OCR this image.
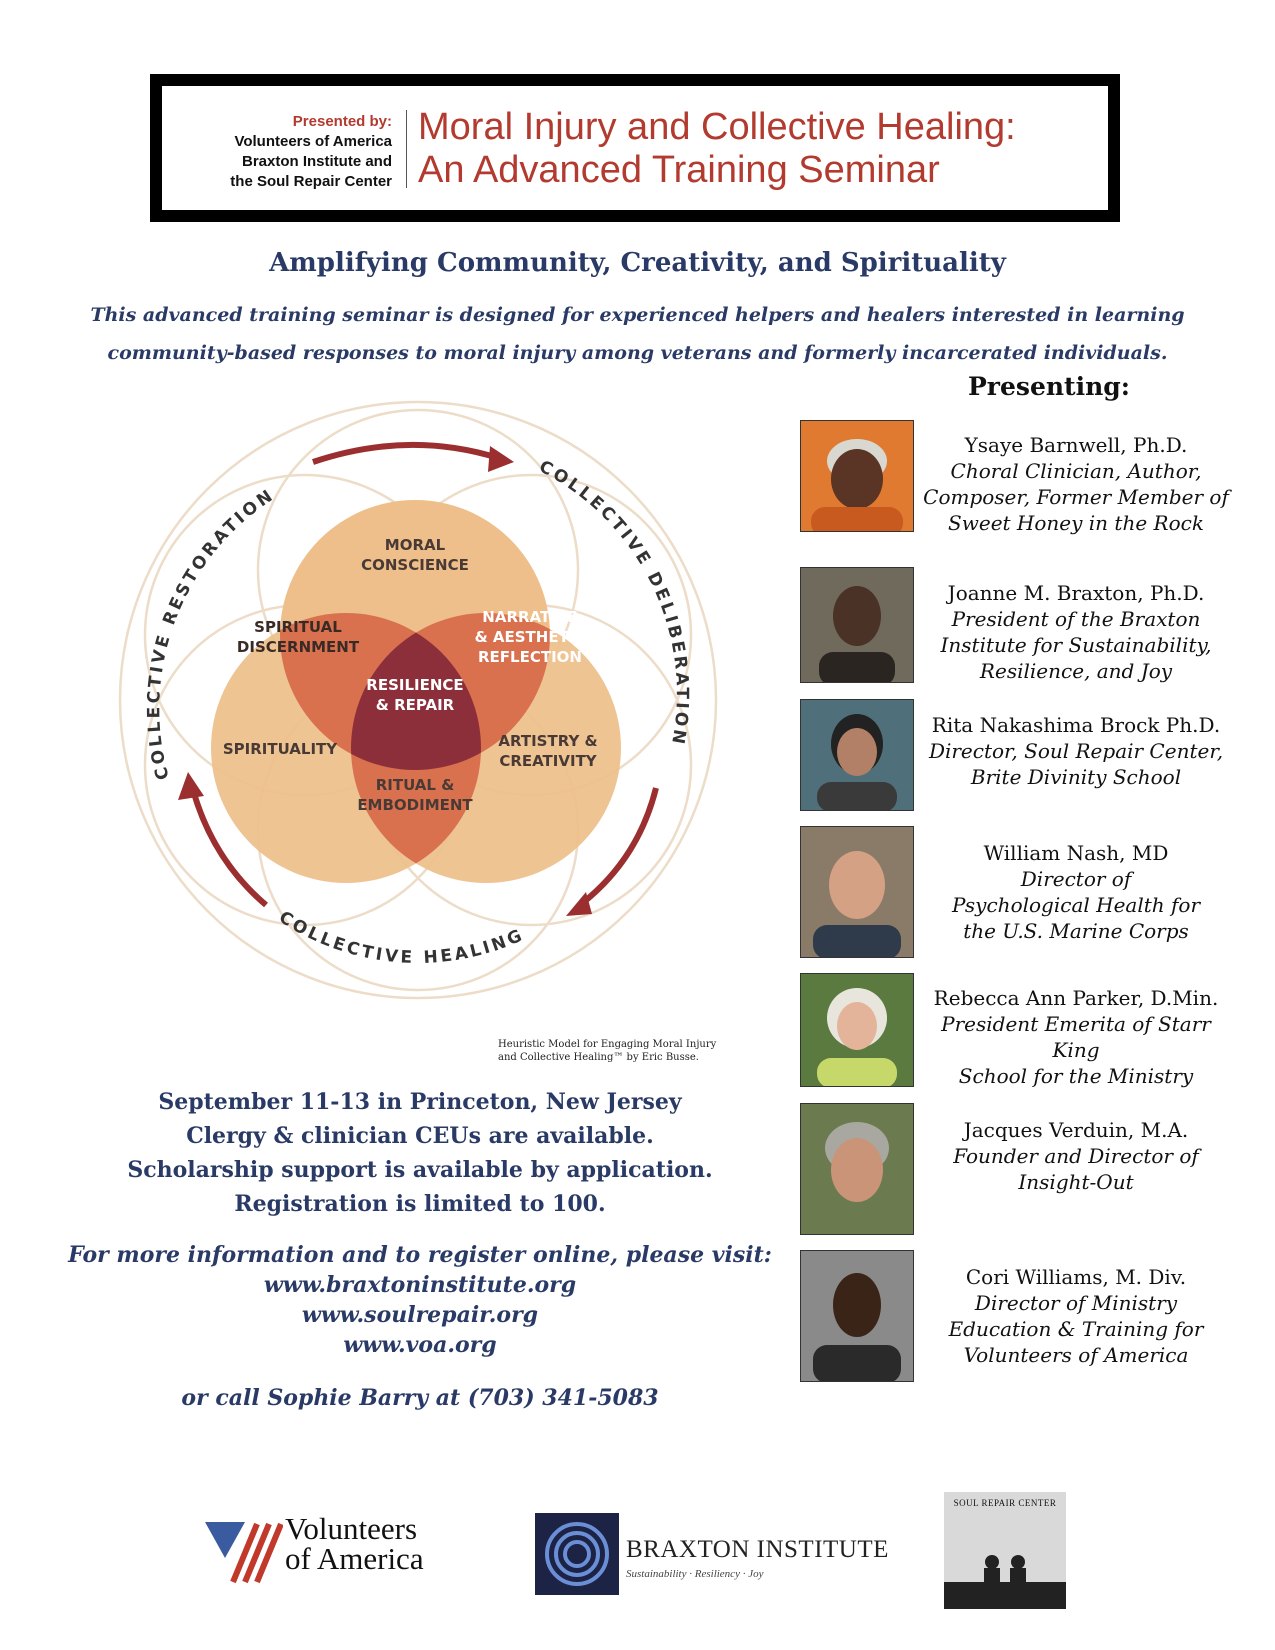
Presented by:
Volunteers of America
Braxton Institute and
the Soul Repair Center
Moral Injury and Collective Healing:
An Advanced Training Seminar
Amplifying Community, Creativity, and Spirituality
This advanced training seminar is designed for experienced helpers and healers interested in learning
community-based responses to moral injury among veterans and formerly incarcerated individuals.
Presenting:
COLLECTIVE RESTORATION
COLLECTIVE DELIBERATION
COLLECTIVE HEALING
MORAL
CONSCIENCE
SPIRITUAL
DISCERNMENT
NARRATIVE
& AESTHETIC
REFLECTION
RESILIENCE
& REPAIR
SPIRITUALITY	ARTISTRY &
CREATIVITY
RITUAL &
EMBODIMENT
Heuristic Model for Engaging Moral Injury
and Collective Healing™ by Eric Busse.
September 11-13 in Princeton, New Jersey
Clergy & clinician CEUs are available.
Scholarship support is available by application.
Registration is limited to 100.
For more information and to register online, please visit:
www.braxtoninstitute.org
www.soulrepair.org
www.voa.org
or call Sophie Barry at (703) 341-5083
Ysaye Barnwell, Ph.D.
Choral Clinician, Author,
Composer, Former Member of
Sweet Honey in the Rock
Joanne M. Braxton, Ph.D.
President of the Braxton
Institute for Sustainability,
Resilience, and Joy
Rita Nakashima Brock Ph.D.
Director, Soul Repair Center,
Brite Divinity School
William Nash, MD
Director of
Psychological Health for
the U.S. Marine Corps
Rebecca Ann Parker, D.Min.
President Emerita of Starr King
School for the Ministry
Jacques Verduin, M.A.
Founder and Director of
Insight-Out
Cori Williams, M. Div.
Director of Ministry
Education & Training for
Volunteers of America
Volunteers
of America	BRAXTON INSTITUTE
Sustainability · Resiliency · Joy
SOUL REPAIR CENTER
